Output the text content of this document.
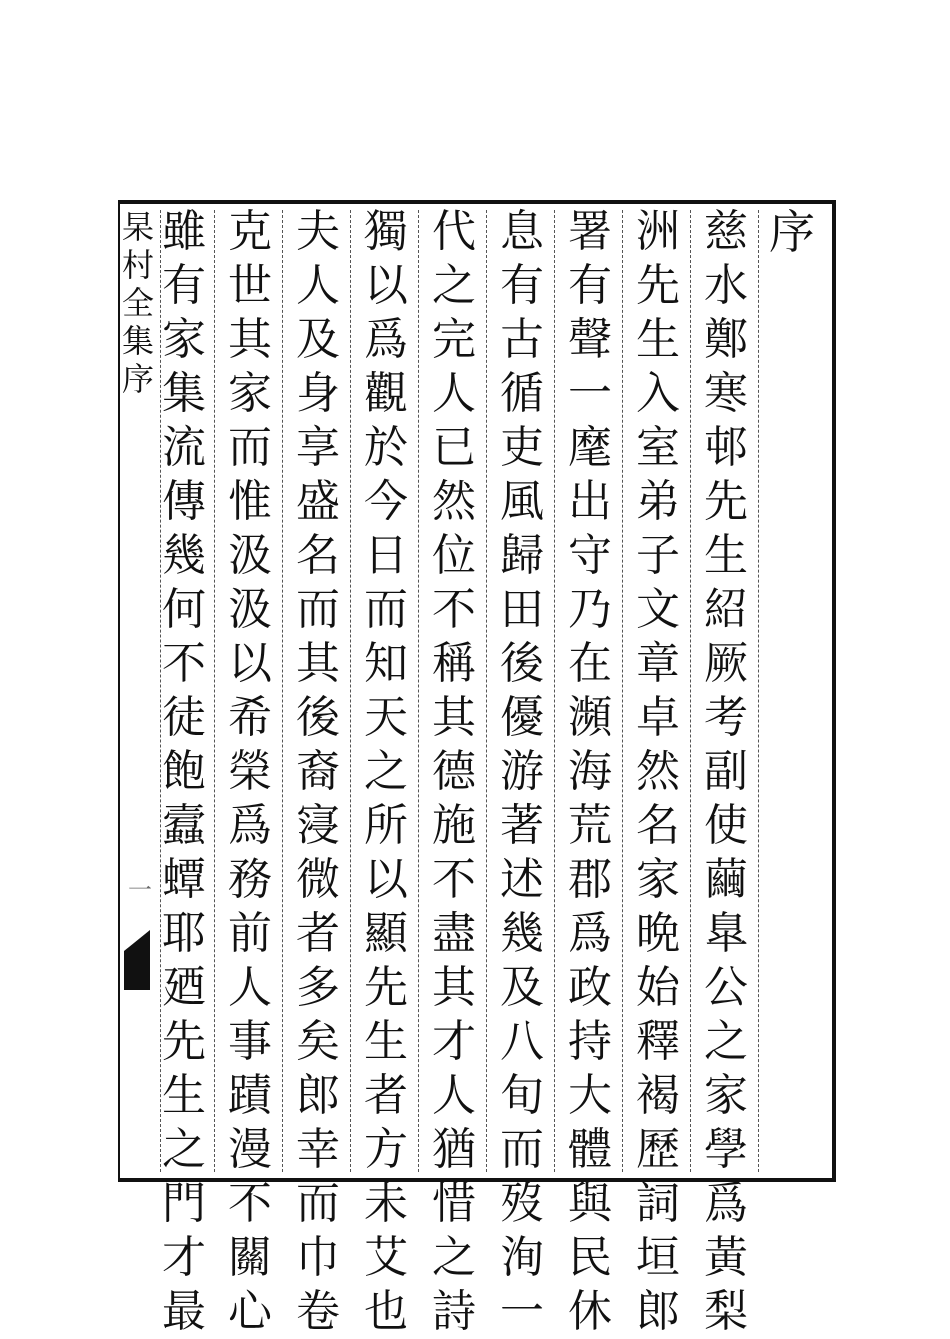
杲
村
全
集
序
一
序
慈
水
鄭
寒
邨
先
生
紹
厥
考
副
使
繭
臯
公
之
家
學
爲
黃
梨
洲
先
生
入
室
弟
子
文
章
卓
然
名
家
晩
始
釋
褐
歷
詞
垣
郎
署
有
聲
一
麾
出
守
乃
在
瀕
海
荒
郡
爲
政
持
大
體
與
民
休
息
有
古
循
吏
風
歸
田
後
優
游
著
述
幾
及
八
旬
而
歿
洵
一
代
之
完
人
已
然
位
不
稱
其
德
施
不
盡
其
才
人
猶
惜
之
詩
獨
以
爲
觀
於
今
日
而
知
天
之
所
以
顯
先
生
者
方
未
艾
也
夫
人
及
身
享
盛
名
而
其
後
裔
寖
微
者
多
矣
郎
幸
而
巾
卷
克
世
其
家
而
惟
汲
汲
以
希
榮
爲
務
前
人
事
蹟
漫
不
關
心
雖
有
家
集
流
傳
幾
何
不
徒
飽
蠧
蟫
耶
廼
先
生
之
門
才
最
